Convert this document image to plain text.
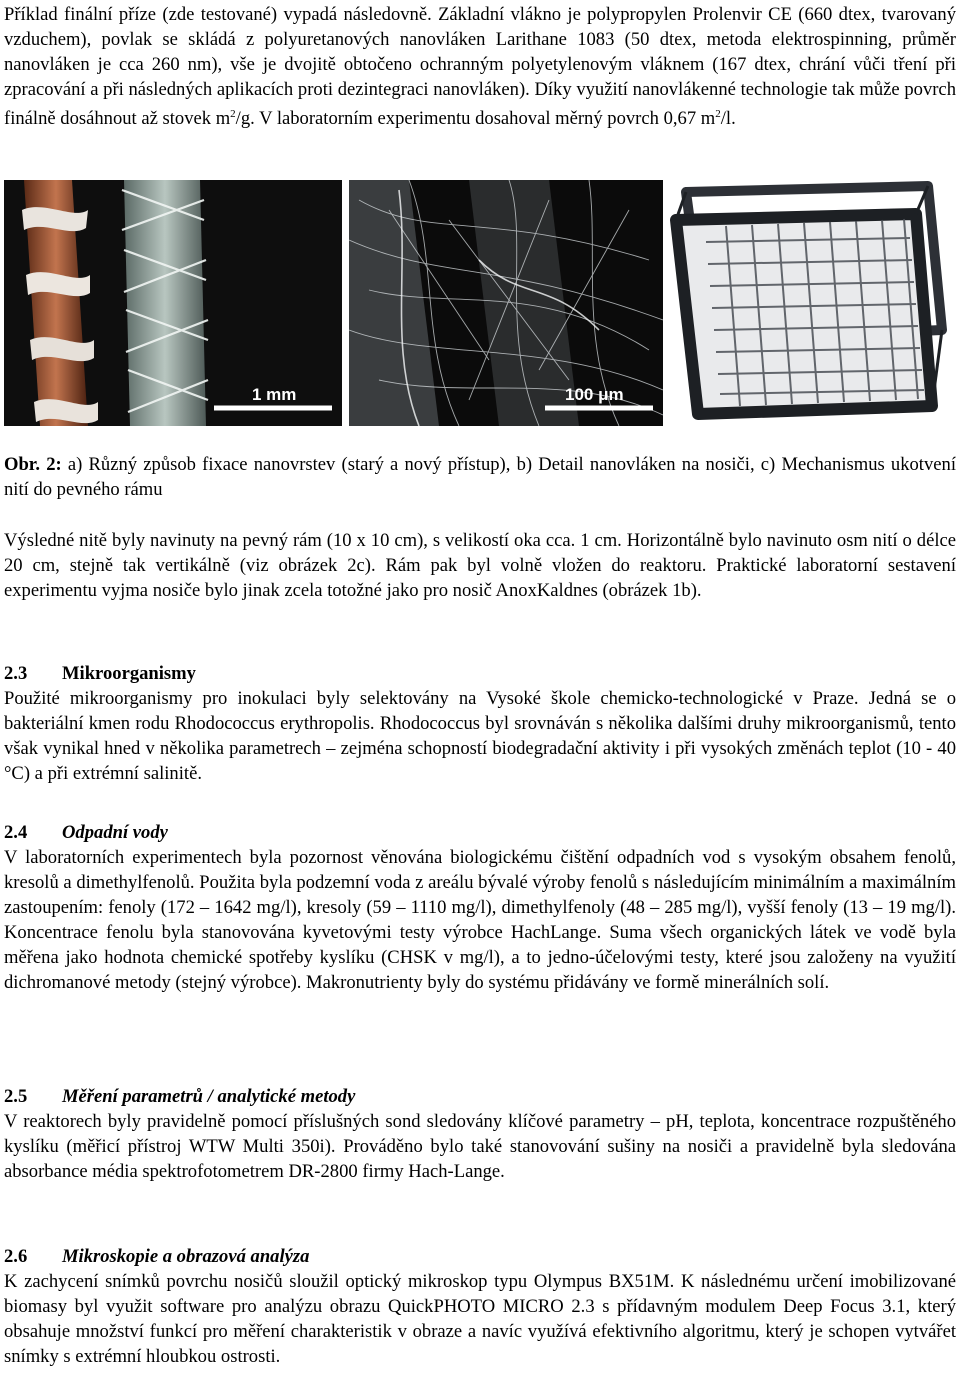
Příklad finální příze (zde testované) vypadá následovně. Základní vlákno je polypropylen Prolenvir CE (660 dtex, tvarovaný vzduchem), povlak se skládá z polyuretanových nanovláken Larithane 1083 (50 dtex, metoda elektrospinning, průměr nanovláken je cca 260 nm), vše je dvojitě obtočeno ochranným polyetylenovým vláknem (167 dtex, chrání vůči tření při zpracování a při následných aplikacích proti dezintegraci nanovláken). Díky využití nanovlákenné technologie tak může povrch finálně dosáhnout až stovek $m^2/g$. V laboratorním experimentu dosahoval měrný povrch 0,67 $m^2/l$.

1 mm	100 μm

Obr. 2: a) Různý způsob fixace nanovrstev (starý a nový přístup), b) Detail nanovláken na nosiči, c) Mechanismus ukotvení nití do pevného rámu

Výsledné nitě byly navinuty na pevný rám (10 x 10 cm), s velikostí oka cca. 1 cm. Horizontálně bylo navinuto osm nití o délce 20 cm, stejně tak vertikálně (viz obrázek 2c). Rám pak byl volně vložen do reaktoru. Praktické laboratorní sestavení experimentu vyjma nosiče bylo jinak zcela totožné jako pro nosič AnoxKaldnes (obrázek 1b).

2.3 Mikroorganismy

Použité mikroorganismy pro inokulaci byly selektovány na Vysoké škole chemicko-technologické v Praze. Jedná se o bakteriální kmen rodu Rhodococcus erythropolis. Rhodococcus byl srovnáván s několika dalšími druhy mikroorganismů, tento však vynikal hned v několika parametrech – zejména schopností biodegradační aktivity i při vysokých změnách teplot (10 - 40 °C) a při extrémní salinitě.

2.4 Odpadní vody

V laboratorních experimentech byla pozornost věnována biologickému čištění odpadních vod s vysokým obsahem fenolů, kresolů a dimethylfenolů. Použita byla podzemní voda z areálu bývalé výroby fenolů s následujícím minimálním a maximálním zastoupením: fenoly (172 – 1642 mg/l), kresoly (59 – 1110 mg/l), dimethylfenoly (48 – 285 mg/l), vyšší fenoly (13 – 19 mg/l). Koncentrace fenolu byla stanovována kyvetovými testy výrobce HachLange. Suma všech organických látek ve vodě byla měřena jako hodnota chemické spotřeby kyslíku (CHSK v mg/l), a to jedno-účelovými testy, které jsou založeny na využití dichromanové metody (stejný výrobce). Makronutrienty byly do systému přidávány ve formě minerálních solí.

2.5 Měření parametrů / analytické metody

V reaktorech byly pravidelně pomocí příslušných sond sledovány klíčové parametry – pH, teplota, koncentrace rozpuštěného kyslíku (měřicí přístroj WTW Multi 350i). Prováděno bylo také stanovování sušiny na nosiči a pravidelně byla sledována absorbance média spektrofotometrem DR-2800 firmy Hach-Lange.

2.6 Mikroskopie a obrazová analýza

K zachycení snímků povrchu nosičů sloužil optický mikroskop typu Olympus BX51M. K následnému určení imobilizované biomasy byl využit software pro analýzu obrazu QuickPHOTO MICRO 2.3 s přídavným modulem Deep Focus 3.1, který obsahuje množství funkcí pro měření charakteristik v obraze a navíc využívá efektivního algoritmu, který je schopen vytvářet snímky s extrémní hloubkou ostrosti.
